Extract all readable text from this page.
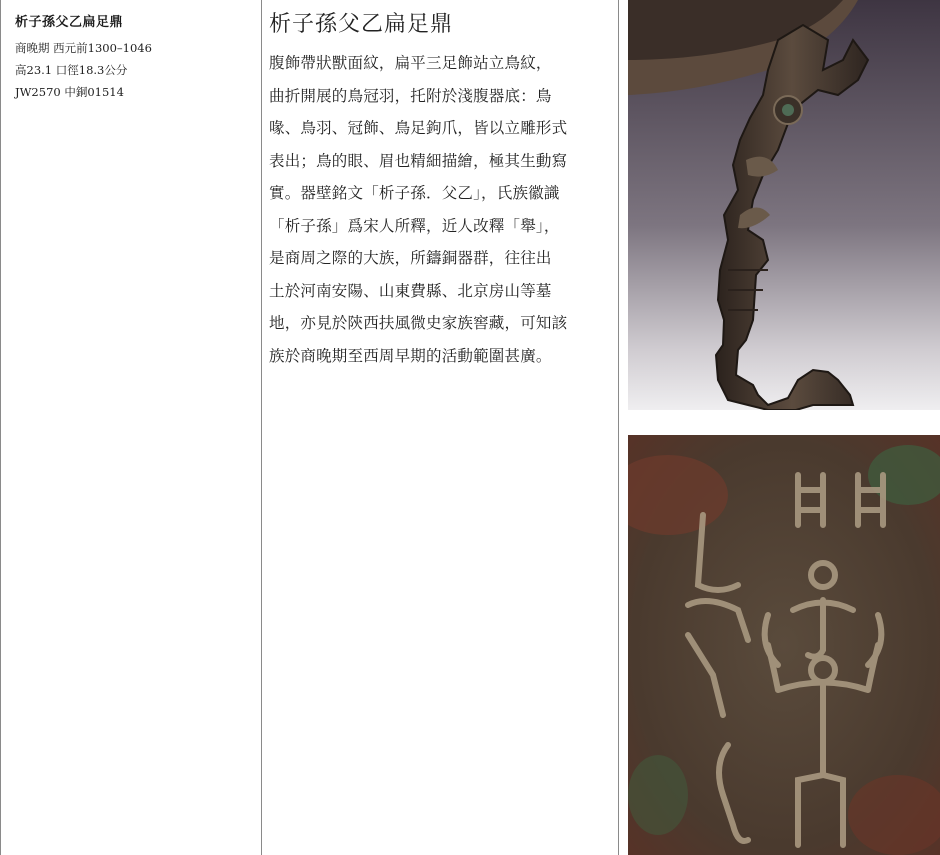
析子孫父乙扁足鼎
商晚期 西元前1300–1046
高23.1 口徑18.3公分
JW2570 中銅01514
析子孫父乙扁足鼎
腹飾帶狀獸面紋，扁平三足飾站立鳥紋，
曲折開展的鳥冠羽，托附於淺腹器底：鳥
喙、鳥羽、冠飾、鳥足鉤爪，皆以立雕形式
表出；鳥的眼、眉也精細描繪，極其生動寫
實。器壁銘文「析子孫．父乙」，氏族徽識
「析子孫」爲宋人所釋，近人改釋「舉」，
是商周之際的大族，所鑄銅器群，往往出
土於河南安陽、山東費縣、北京房山等墓
地，亦見於陝西扶風微史家族窖藏，可知該
族於商晚期至西周早期的活動範圍甚廣。
